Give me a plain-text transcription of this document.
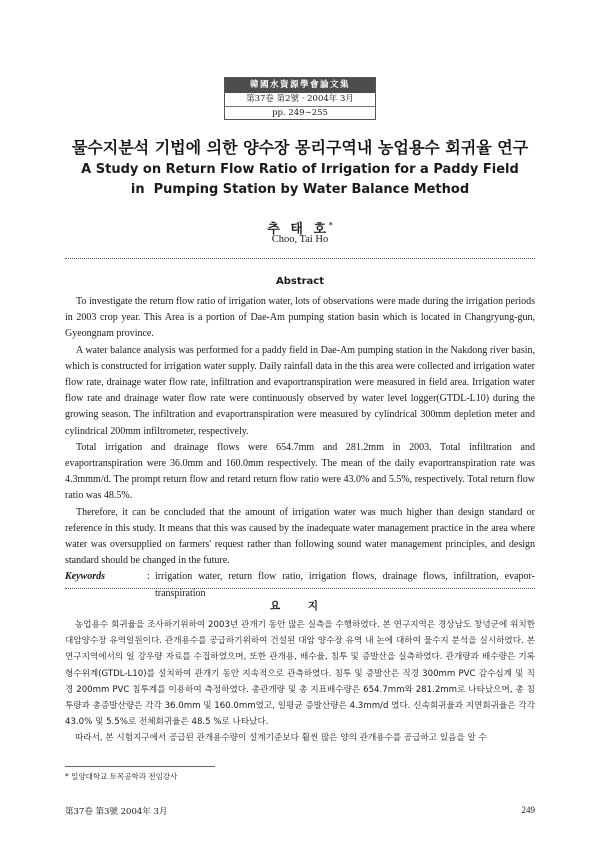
韓國水資源學會論文集
第37卷 第2號 · 2004年 3月
pp. 249∼255
물수지분석 기법에 의한 양수장 몽리구역내 농업용수 회귀율 연구
A Study on Return Flow Ratio of Irrigation for a Paddy Field
in  Pumping Station by Water Balance Method
추 태 호*
Choo, Tai Ho
Abstract

To investigate the return flow ratio of irrigation water, lots of observations were made during the irrigation periods in 2003 crop year. This Area is a portion of Dae-Am pumping station basin which is located in Changryung-gun, Gyeongnam province.

A water balance analysis was performed for a paddy field in Dae-Am pumping station in the Nakdong river basin, which is constructed for irrigation water supply. Daily rainfall data in the this area were collected and irrigation water flow rate, drainage water flow rate, infiltration and evaportranspiration were measured in field area. Irrigation water flow rate and drainage water flow rate were continuously observed by water level logger(GTDL-L10) during the growing season. The infiltration and evaportranspiration were measured by cylindrical 300mm depletion meter and cylindrical 200mm infiltrometer, respectively.

Total irrigation and drainage flows were 654.7mm and 281.2mm in 2003. Total infiltration and evaportranspiration were 36.0mm and 160.0mm respectively. The mean of the daily evaportranspiration rate was 4.3mmm/d. The prompt return flow and retard return flow ratio were 43.0% and 5.5%, respectively. Total return flow ratio was 48.5%.

Therefore, it can be concluded that the amount of irrigation water was much higher than design standard or reference in this study. It means that this was caused by the inadequate water management practice in the area where water was oversupplied on farmers' request rather than following sound water management principles, and design standard should be changed in the future.

Keywords	: irrigation water, return flow ratio, irrigation flows, drainage flows, infiltration, evapor-transpiration
요 지

농업용수 회귀율을 조사하기위하여 2003년 관개기 동안 많은 실측을 수행하였다. 본 연구지역은 경상남도 창녕군에 위치한 대암양수장 유역일원이다. 관개용수를 공급하기위하여 건설된 대암 양수장 유역 내 논에 대하여 물수지 분석을 실시하였다. 본 연구지역에서의 일 강우량 자료를 수집하였으며, 또한 관개용, 배수율, 침투 및 증발산을 실측하였다. 관개량과 배수량은 기록형수위계(GTDL-L10)를 설치하여 관개기 동안 지속적으로 관측하였다. 침투 및 증발산은 직경 300mm PVC 감수심계 및 직경 200mm PVC 침투계를 이용하여 측정하였다. 총관개량 및 총 지표배수량은 654.7mm와 281.2mm로 나타났으며, 총 침투량과 총증발산량은 각각 36.0mm 및 160.0mm였고, 일평균 증발산량은 4.3mm/d 였다. 신속회귀율과 지연회귀율은 각각 43.0% 및 5.5%로 전체회귀율은 48.5 %로 나타났다.

따라서, 본 시험지구에서 공급된 관개용수량이 설계기준보다 훨씬 많은 양의 관개용수를 공급하고 있음을 알 수

* 밀양대학교 토목공학과 전임강사
第37卷 第3號 2004年 3月	249
